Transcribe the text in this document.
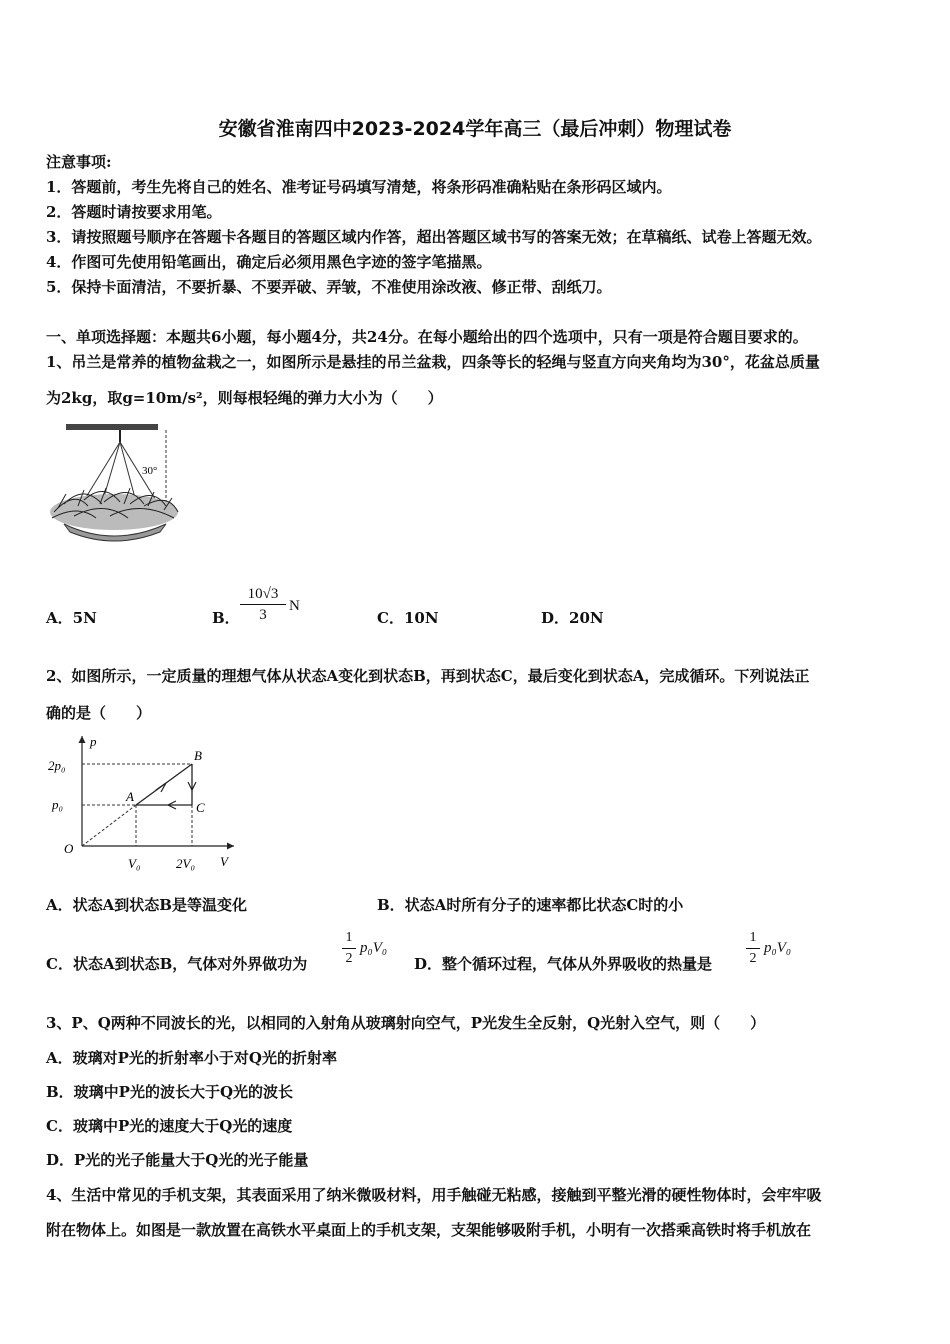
安徽省淮南四中2023-2024学年高三（最后冲刺）物理试卷
注意事项:
1．答题前，考生先将自己的姓名、准考证号码填写清楚，将条形码准确粘贴在条形码区域内。
2．答题时请按要求用笔。
3．请按照题号顺序在答题卡各题目的答题区域内作答，超出答题区域书写的答案无效；在草稿纸、试卷上答题无效。
4．作图可先使用铅笔画出，确定后必须用黑色字迹的签字笔描黑。
5．保持卡面清洁，不要折暴、不要弄破、弄皱，不准使用涂改液、修正带、刮纸刀。
一、单项选择题：本题共6小题，每小题4分，共24分。在每小题给出的四个选项中，只有一项是符合题目要求的。
1、吊兰是常养的植物盆栽之一，如图所示是悬挂的吊兰盆栽，四条等长的轻绳与竖直方向夹角均为30°，花盆总质量
为2kg，取g=10m/s²，则每根轻绳的弹力大小为（　　）
30°
A．5N	B．
10√3
3
N
C．10N	D．20N
2、如图所示，一定质量的理想气体从状态A变化到状态B，再到状态C，最后变化到状态A，完成循环。下列说法正
确的是（　　）
p
V
O
2p₀
p₀
V₀	2V₀
A
B
C
A．状态A到状态B是等温变化	B．状态A时所有分子的速率都比状态C时的小
C．状态A到状态B，气体对外界做功为
1
2
p₀V₀
D．整个循环过程，气体从外界吸收的热量是
1
2
p₀V₀
3、P、Q两种不同波长的光，以相同的入射角从玻璃射向空气，P光发生全反射，Q光射入空气，则（　　）
A．玻璃对P光的折射率小于对Q光的折射率
B．玻璃中P光的波长大于Q光的波长
C．玻璃中P光的速度大于Q光的速度
D．P光的光子能量大于Q光的光子能量
4、生活中常见的手机支架，其表面采用了纳米微吸材料，用手触碰无粘感，接触到平整光滑的硬性物体时，会牢牢吸
附在物体上。如图是一款放置在高铁水平桌面上的手机支架，支架能够吸附手机，小明有一次搭乘高铁时将手机放在
